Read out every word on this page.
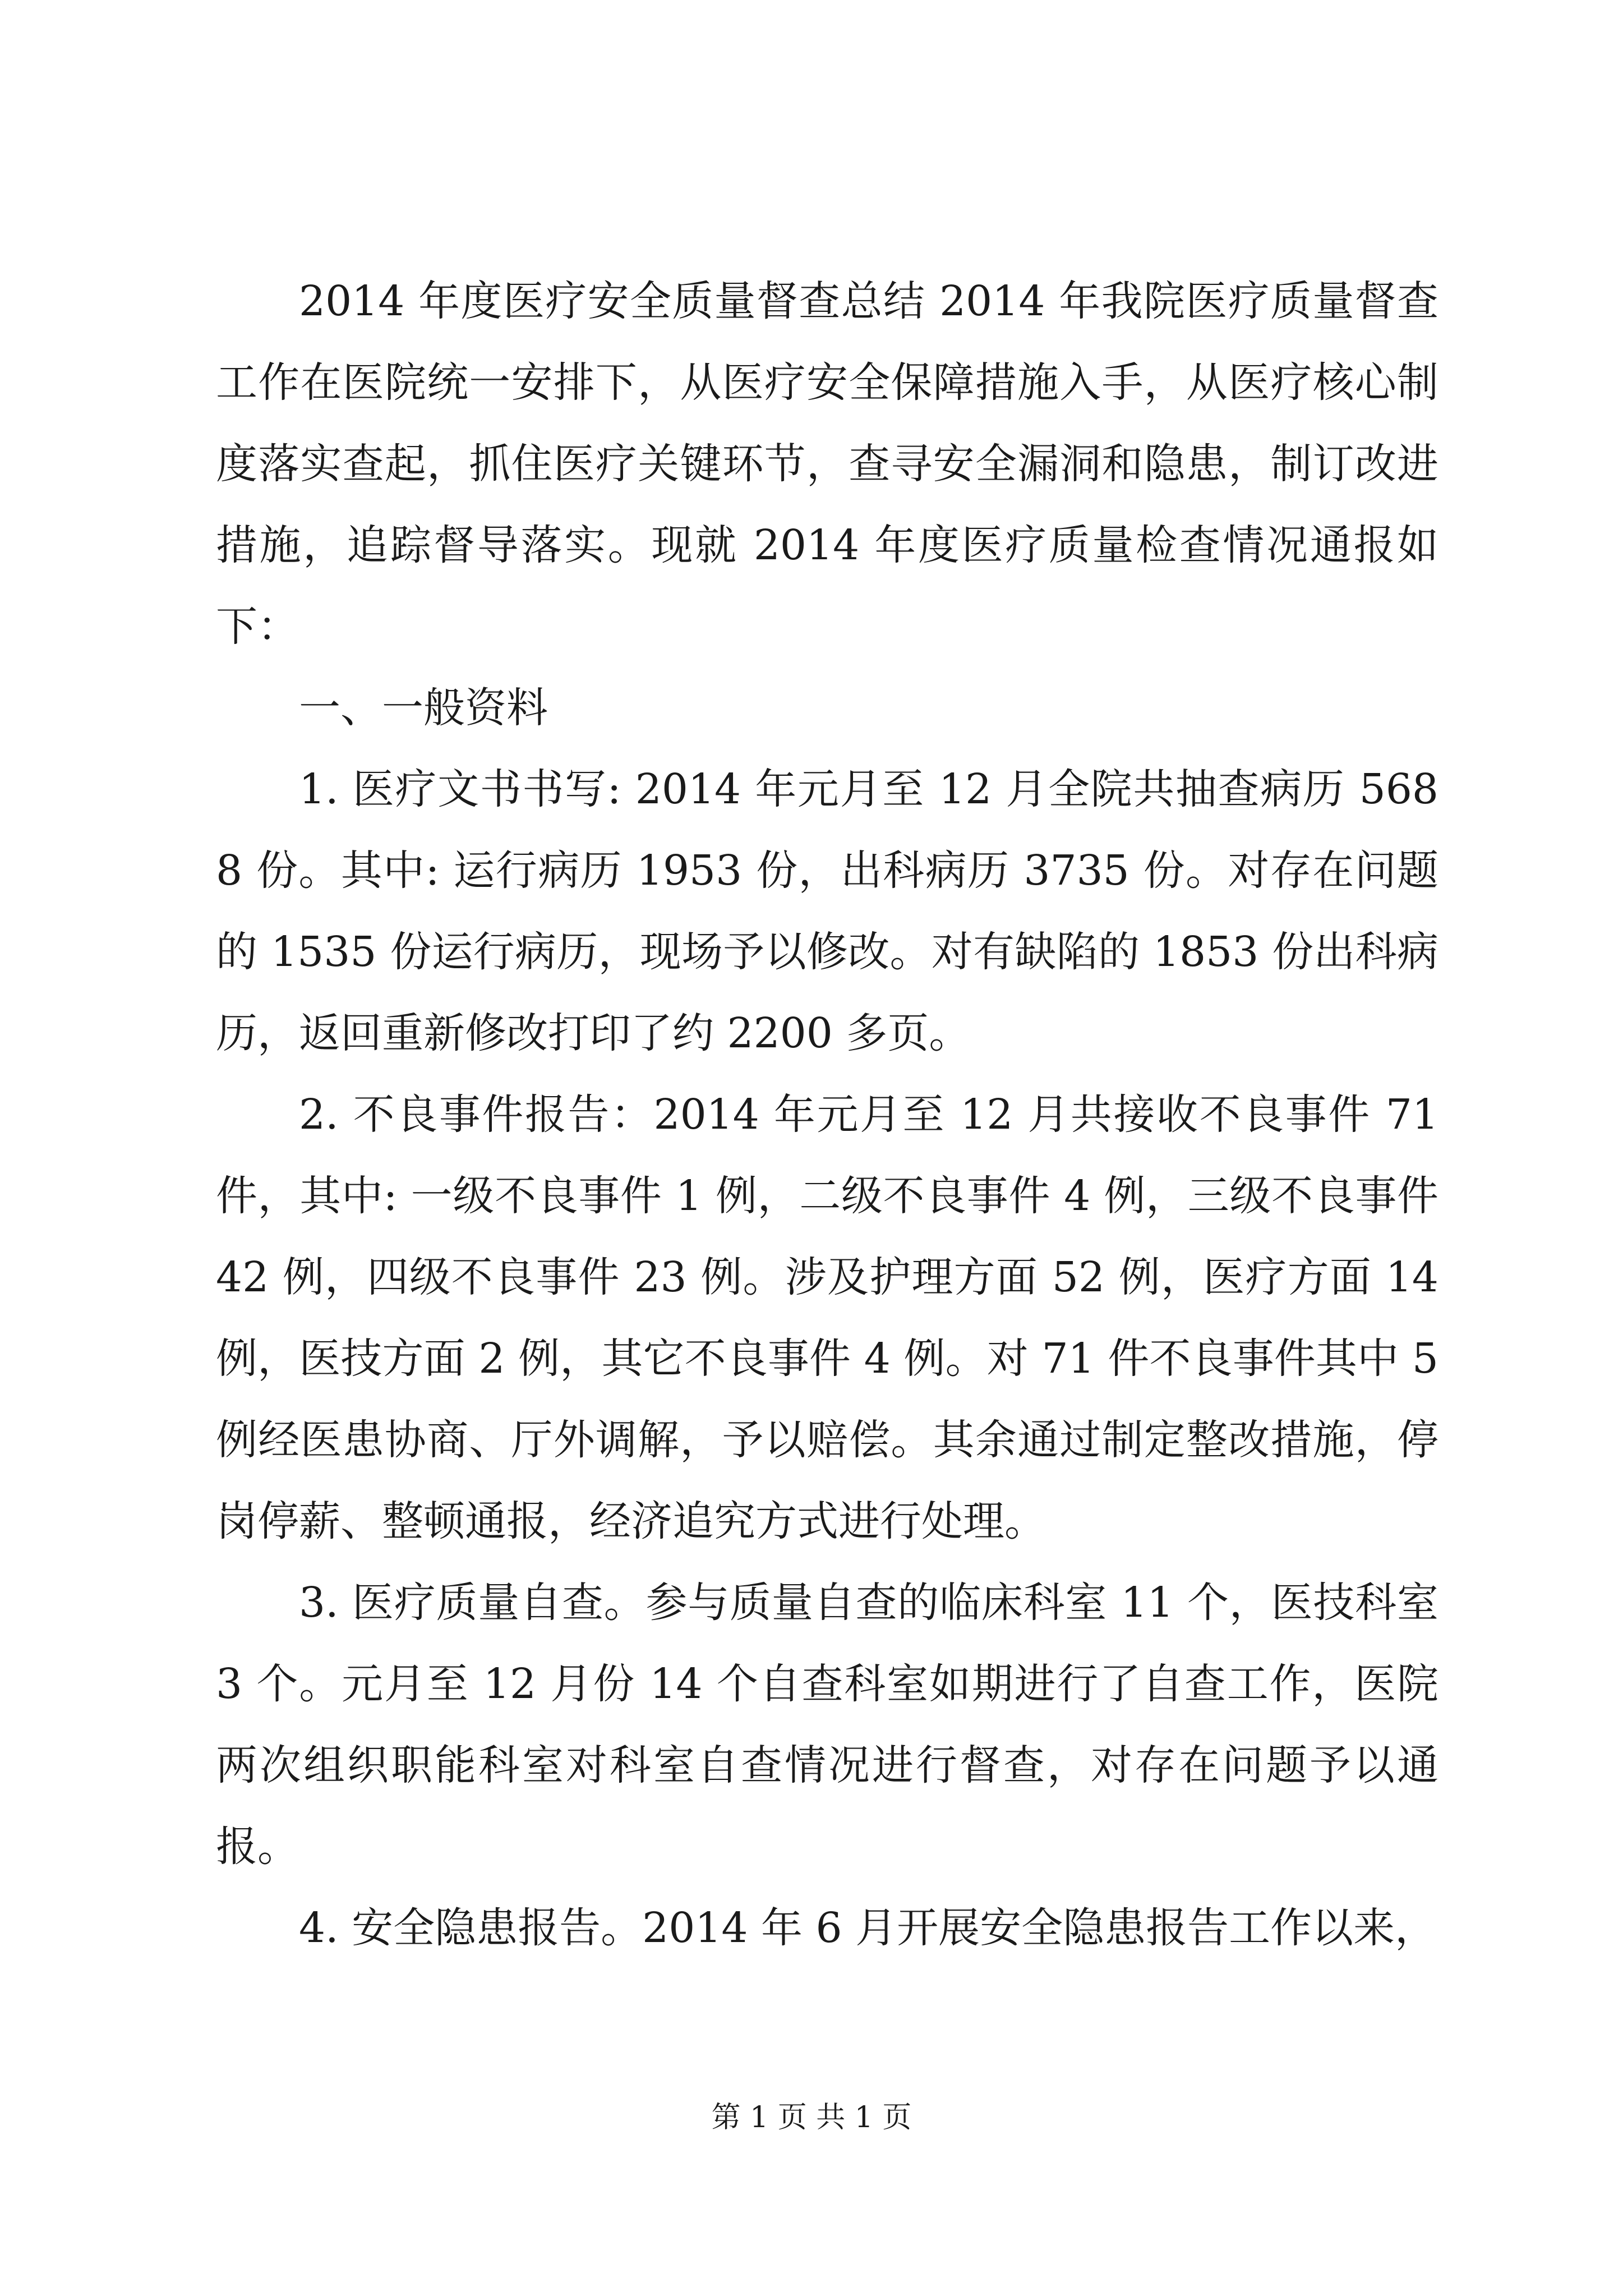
2014 年度医疗安全质量督查总结 2014 年我院医疗质量督查工作在医院统一安排下，从医疗安全保障措施入手，从医疗核心制度落实查起，抓住医疗关键环节，查寻安全漏洞和隐患，制订改进措施，追踪督导落实。现就 2014 年度医疗质量检查情况通报如下：

一、一般资料

1. 医疗文书书写: 2014 年元月至 12 月全院共抽查病历 5688 份。其中: 运行病历 1953 份，出科病历 3735 份。对存在问题的 1535 份运行病历，现场予以修改。对有缺陷的 1853 份出科病历，返回重新修改打印了约 2200 多页。

2. 不良事件报告：2014 年元月至 12 月共接收不良事件 71 件，其中: 一级不良事件 1 例，二级不良事件 4 例，三级不良事件 42 例，四级不良事件 23 例。涉及护理方面 52 例，医疗方面 14 例，医技方面 2 例，其它不良事件 4 例。对 71 件不良事件其中 5 例经医患协商、厅外调解，予以赔偿。其余通过制定整改措施，停岗停薪、整顿通报，经济追究方式进行处理。

3. 医疗质量自查。参与质量自查的临床科室 11 个，医技科室 3 个。元月至 12 月份 14 个自查科室如期进行了自查工作，医院两次组织职能科室对科室自查情况进行督查，对存在问题予以通报。

4. 安全隐患报告。2014 年 6 月开展安全隐患报告工作以来，

第 1 页 共 1 页
